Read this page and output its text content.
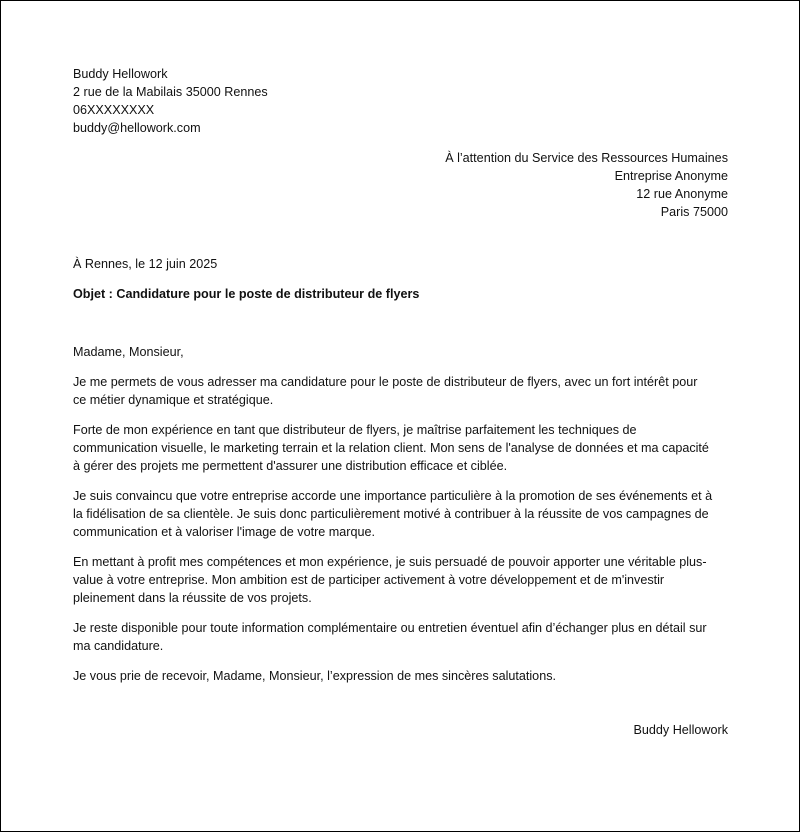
Buddy Hellowork
2 rue de la Mabilais 35000 Rennes
06XXXXXXXX
buddy@hellowork.com
À l’attention du Service des Ressources Humaines
Entreprise Anonyme
12 rue Anonyme
Paris 75000
À Rennes, le 12 juin 2025
Objet : Candidature pour le poste de distributeur de flyers
Madame, Monsieur,
Je me permets de vous adresser ma candidature pour le poste de distributeur de flyers, avec un fort intérêt pour
ce métier dynamique et stratégique.
Forte de mon expérience en tant que distributeur de flyers, je maîtrise parfaitement les techniques de
communication visuelle, le marketing terrain et la relation client. Mon sens de l'analyse de données et ma capacité
à gérer des projets me permettent d'assurer une distribution efficace et ciblée.
Je suis convaincu que votre entreprise accorde une importance particulière à la promotion de ses événements et à
la fidélisation de sa clientèle. Je suis donc particulièrement motivé à contribuer à la réussite de vos campagnes de
communication et à valoriser l'image de votre marque.
En mettant à profit mes compétences et mon expérience, je suis persuadé de pouvoir apporter une véritable plus-
value à votre entreprise. Mon ambition est de participer activement à votre développement et de m'investir
pleinement dans la réussite de vos projets.
Je reste disponible pour toute information complémentaire ou entretien éventuel afin d’échanger plus en détail sur
ma candidature.
Je vous prie de recevoir, Madame, Monsieur, l’expression de mes sincères salutations.
Buddy Hellowork
